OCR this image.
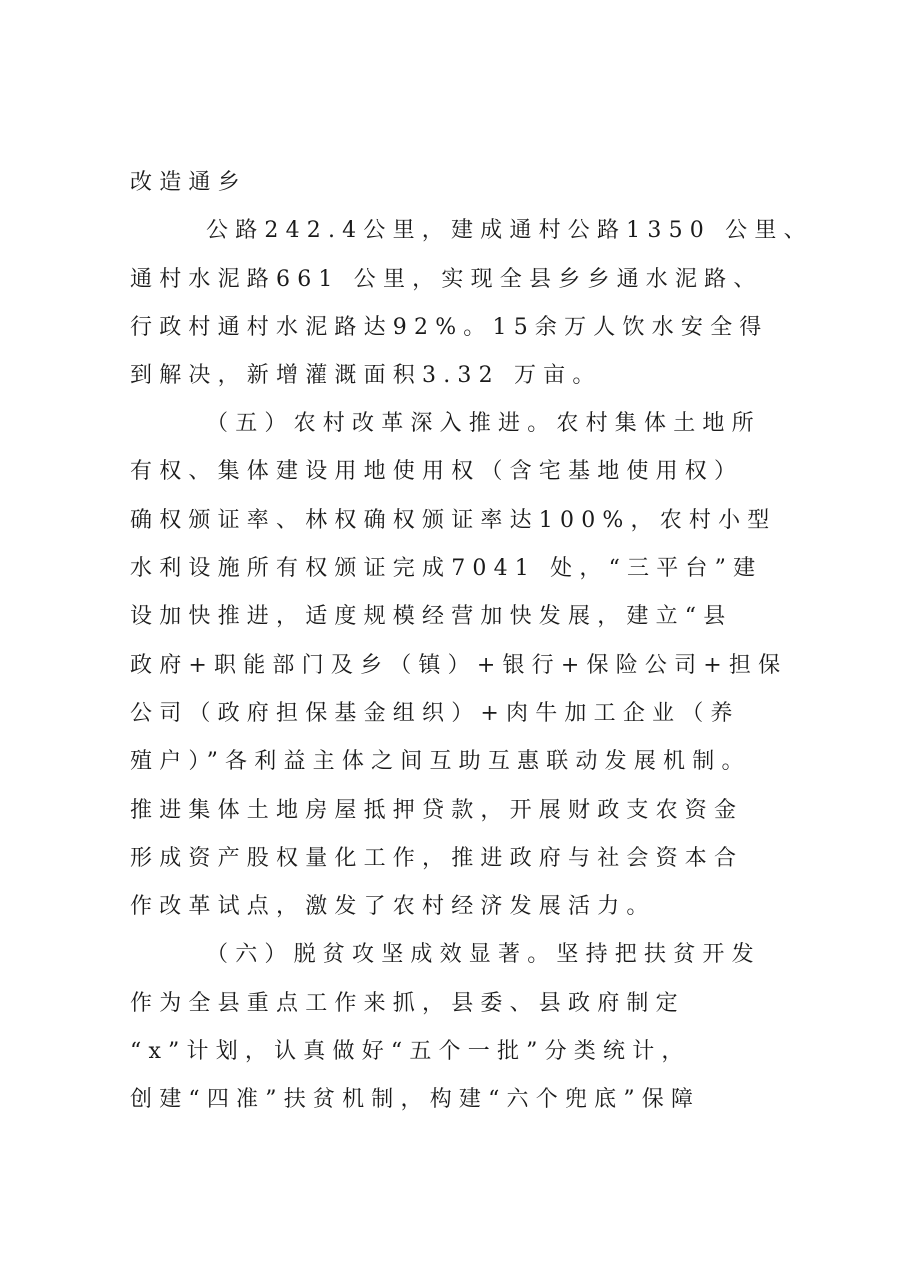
改造通乡
公路242.4公里，建成通村公路1350 公里、
通村水泥路661 公里，实现全县乡乡通水泥路、
行政村通村水泥路达92%。15余万人饮水安全得
到解决，新增灌溉面积3.32 万亩。
（五）农村改革深入推进。农村集体土地所
有权、集体建设用地使用权（含宅基地使用权）
确权颁证率、林权确权颁证率达100%，农村小型
水利设施所有权颁证完成7041 处，“三平台”建
设加快推进，适度规模经营加快发展，建立“县
政府+职能部门及乡（镇）+银行+保险公司+担保
公司（政府担保基金组织）+肉牛加工企业（养
殖户）”各利益主体之间互助互惠联动发展机制。
推进集体土地房屋抵押贷款，开展财政支农资金
形成资产股权量化工作，推进政府与社会资本合
作改革试点，激发了农村经济发展活力。
（六）脱贫攻坚成效显著。坚持把扶贫开发
作为全县重点工作来抓，县委、县政府制定
“x”计划，认真做好“五个一批”分类统计，
创建“四准”扶贫机制，构建“六个兜底”保障
